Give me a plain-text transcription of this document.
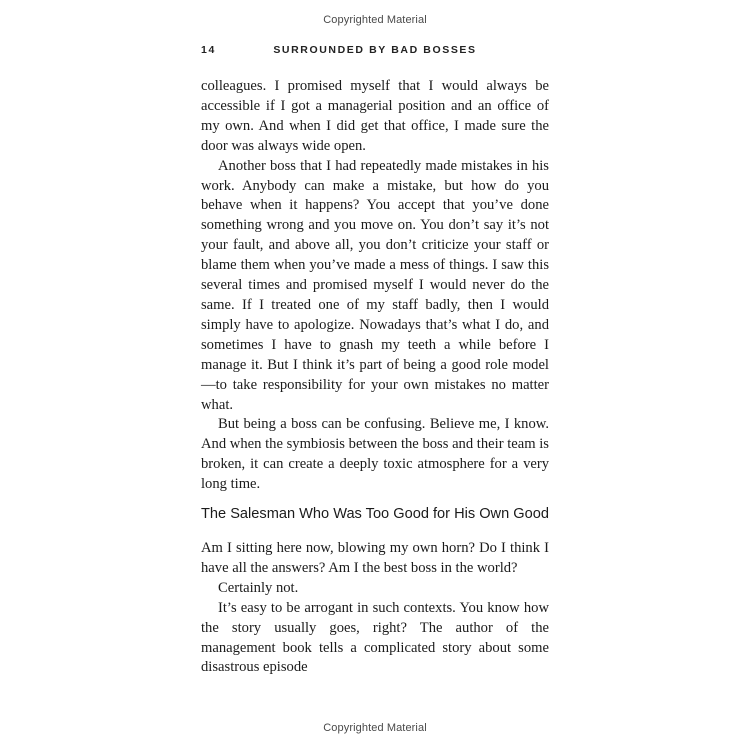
Copyrighted Material
SURROUNDED BY BAD BOSSES
14

colleagues. I promised myself that I would always be accessible if I got a managerial position and an office of my own. And when I did get that office, I made sure the door was always wide open.

Another boss that I had repeatedly made mistakes in his work. Anybody can make a mistake, but how do you behave when it happens? You accept that you’ve done something wrong and you move on. You don’t say it’s not your fault, and above all, you don’t criticize your staff or blame them when you’ve made a mess of things. I saw this several times and promised myself I would never do the same. If I treated one of my staff badly, then I would simply have to apologize. Nowadays that’s what I do, and sometimes I have to gnash my teeth a while before I manage it. But I think it’s part of being a good role model—to take responsibility for your own mistakes no matter what.

But being a boss can be confusing. Believe me, I know. And when the symbiosis between the boss and their team is broken, it can create a deeply toxic atmosphere for a very long time.

The Salesman Who Was Too Good for His Own Good

Am I sitting here now, blowing my own horn? Do I think I have all the answers? Am I the best boss in the world?

Certainly not.

It’s easy to be arrogant in such contexts. You know how the story usually goes, right? The author of the management book tells a complicated story about some disastrous episode

Copyrighted Material
